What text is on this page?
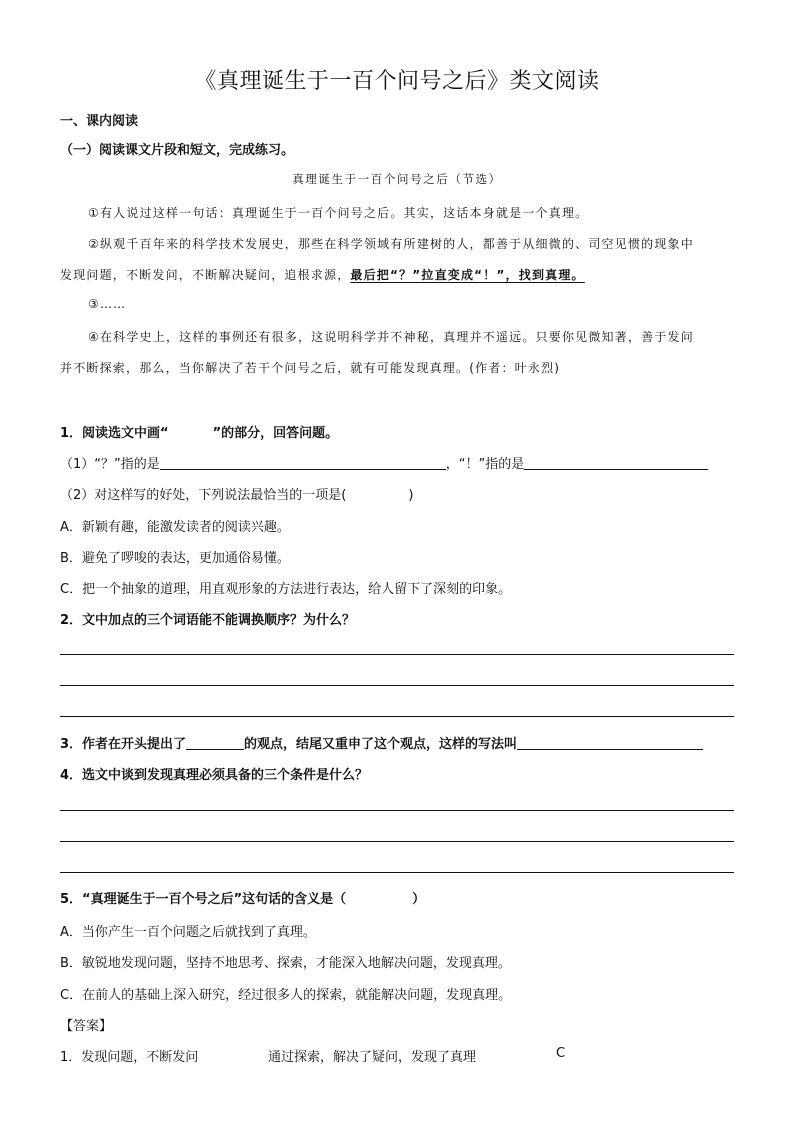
《真理诞生于一百个问号之后》类文阅读
一、课内阅读
（一）阅读课文片段和短文，完成练习。
真理诞生于一百个问号之后（节选）
①有人说过这样一句话：真理诞生于一百个问号之后。其实，这话本身就是一个真理。
②纵观千百年来的科学技术发展史，那些在科学领域有所建树的人，都善于从细微的、司空见惯的现象中
发现问题，不断发问，不断解决疑问，追根求源，最后把“？”拉直变成“！”，找到真理。
③……
④在科学史上，这样的事例还有很多，这说明科学并不神秘，真理并不遥远。只要你见微知著，善于发问
并不断探索，那么，当你解决了若干个问号之后，就有可能发现真理。(作者：叶永烈)
1．阅读选文中画“	”的部分，回答问题。
（1）“？”指的是	，“！”指的是
（2）对这样写的好处，下列说法最恰当的一项是(	)
A．新颖有趣，能激发读者的阅读兴趣。
B．避免了啰唆的表达，更加通俗易懂。
C．把一个抽象的道理，用直观形象的方法进行表达，给人留下了深刻的印象。
2．文中加点的三个词语能不能调换顺序？为什么？
3．作者在开头提出了	的观点，结尾又重申了这个观点，这样的写法叫
4．选文中谈到发现真理必须具备的三个条件是什么？
5．“真理诞生于一百个号之后”这句话的含义是（	）
A．当你产生一百个问题之后就找到了真理。
B．敏锐地发现问题，坚持不地思考、探索，才能深入地解决问题，发现真理。
C．在前人的基础上深入研究，经过很多人的探索，就能解决问题，发现真理。
【答案】
1．发现问题，不断发问	通过探索，解决了疑问，发现了真理	C
